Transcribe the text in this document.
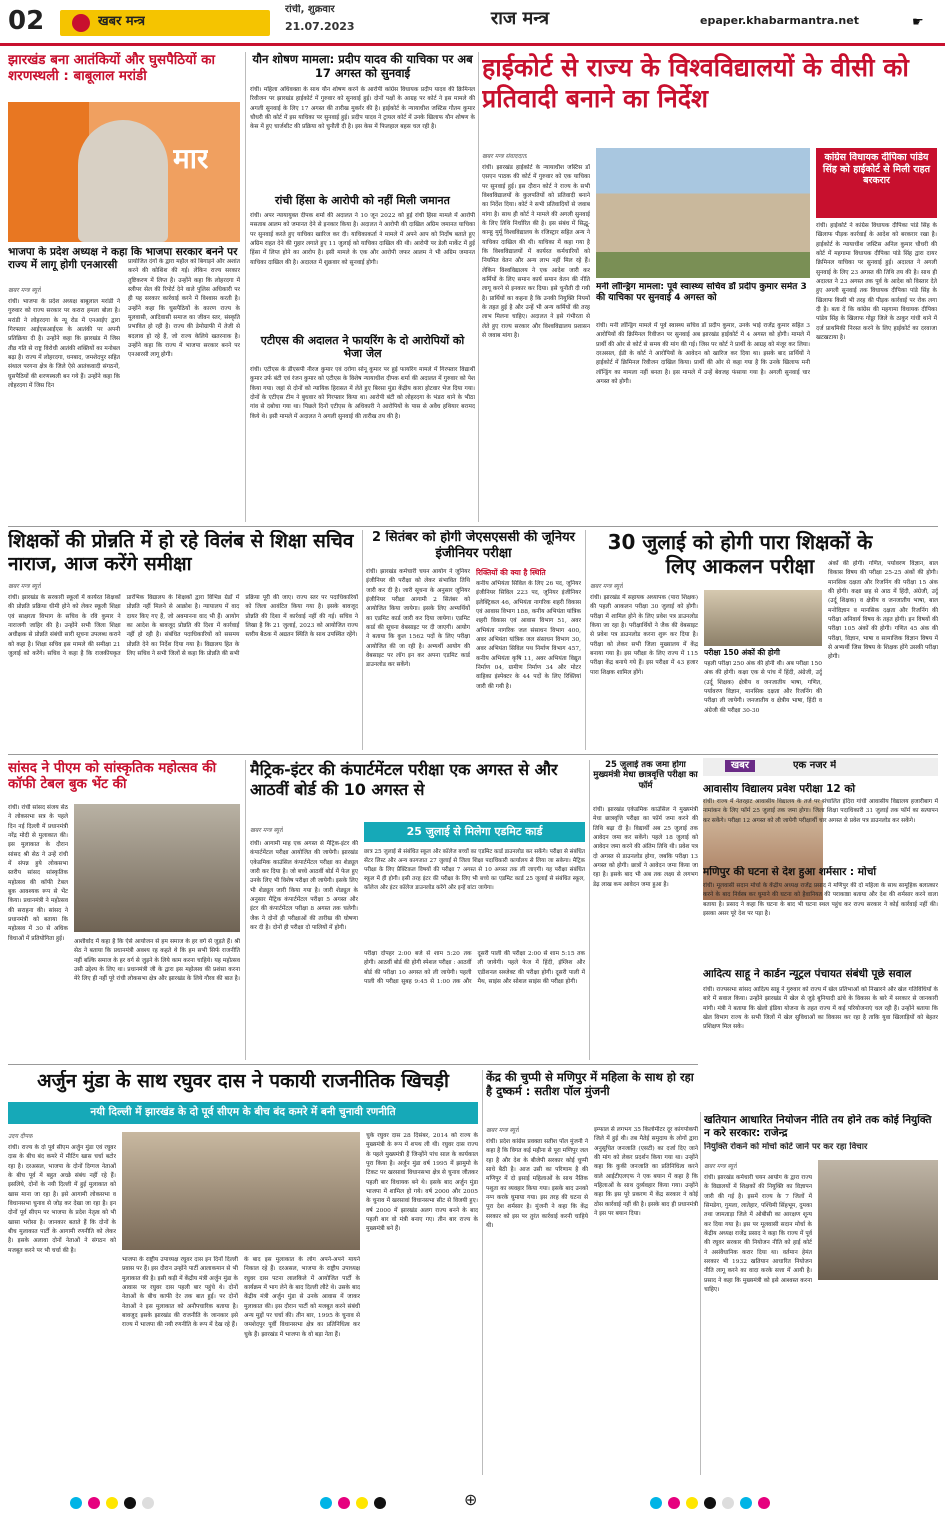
02	खबर मन्त्र
रांची, शुक्रवार
21.07.2023	राज मन्त्र	epaper.khabarmantra.net	☛
झारखंड बना आतंकियों और घुसपैठियों का शरणस्थली : बाबूलाल मरांडी
मार
भाजपा के प्रदेश अध्यक्ष ने कहा कि भाजपा सरकार बनने पर राज्य में लागू होगी एनआरसी
खबर मन्त्र ब्यूरो
रांची। भाजपा के प्रदेश अध्यक्ष बाबूलाल मरांडी ने गुरुवार को राज्य सरकार पर करारा हमला बोला है। मरांडी ने लोहरदगा के न्यू रोड में एनआईए द्वारा गिरफ्तार आईएसआईएस के आतंकी पर अपनी प्रतिक्रिया दी है। उन्होंने कहा कि झारखंड में जिस तीव्र गति से राष्ट्र विरोधी आतंकी शक्तियों का मनोबल बढ़ा है। राज्य में लोहरदगा, धनबाद, जमशेदपुर सहित संथाल परगना क्षेत्र के जिले ऐसे आतंकवादी संगठनों, घुसपैठियों की शरणस्थली बन गये हैं। उन्होंने कहा कि लोहरदगा में जिस दिन
प्रायोजित दंगों के द्वारा महौल को बिगाड़ने और अशांत करने की कोशिश की गई। लेकिन राज्य सरकार तुष्टिकरण में लिप्त है। उन्होंने कहा कि लोहरदगा में स्लीपर सेल की रिपोर्ट देने वाले पुलिस अधिकारी पर ही यह सरकार कार्रवाई करने में विश्वास करती है। उन्होंने कहा कि घुसपैठियों के कारण राज्य के मूलवासी, आदिवासी समाज का जीवन स्तर, संस्कृति प्रभावित हो रही है। राज्य की डेमोग्राफी में तेजी से बदलाव हो रहे हैं, जो राज्य केलिये खतरनाक है। उन्होंने कहा कि राज्य में भाजपा सरकार बनने पर एनआरसी लागू होगी।
यौन शोषण मामला: प्रदीप यादव की याचिका पर अब 17 अगस्त को सुनवाई
रांची। महिला अधिवक्ता के साथ यौन शोषण करने के आरोपी कांग्रेस विधायक प्रदीप यादव की क्रिमिनल रिवीजन पर झारखंड हाईकोर्ट में गुरुवार को सुनवाई हुई। दोनों पक्षों के आग्रह पर कोर्ट ने इस मामले की अगली सुनवाई के लिए 17 अगस्त की तारीख मुकर्रर की है। हाईकोर्ट के न्यायाधीश जस्टिस गौतम कुमार चौधरी की कोर्ट में इस याचिका पर सुनवाई हुई। प्रदीप यादव ने ट्रायल कोर्ट में उनके खिलाफ यौन शोषण के केस में हुए चार्जशीट की प्रक्रिया को चुनौती दी है। इस केस में फिलहाल बहस चल रही है।
रांची हिंसा के आरोपी को नहीं मिली जमानत
रांची। अपर न्यायायुक्त दीपक शर्मा की अदालत ने 10 जून 2022 को हुई रांची हिंसा मामले में आरोपी मसताब आलम को जमानत देने से इनकार किया है। अदालत ने आरोपी की दाखिल अग्रिम जमानत याचिका पर सुनवाई करते हुए याचिका खारिज कर दी। याचिकाकर्ता ने मामले में अपने आप को निर्दोष बताते हुए अग्रिम राहत देने की गुहार लगाते हुए 11 जुलाई को याचिका दाखिल की थी। आरोपी पर डेली मार्केट में हुई हिंसा में लिप्त होने का आरोप है। इसी मामले के एक और आरोपी जफर आलम ने भी अग्रिम जमानत याचिका दाखिल की है। अदालत में शुक्रवार को सुनवाई होगी।
एटीएस की अदालत ने फायरिंग के दो आरोपियों को भेजा जेल
रांची। एटीएस के डीएसपी नीरज कुमार एवं दरोगा सोनू कुमार पर हुई फायरिंग मामले में गिरफ्तार विद्यार्थी कुमार उर्फ बंटी एवं रंजन कुमार को एटीएस के विशेष न्यायाधीश दीपक शर्मा की अदालत में गुरुवार को पेश किया गया। जहां से दोनों को न्यायिक हिरासत में लेते हुए बिरसा मुंडा केंद्रीय कारा होटवार भेज दिया गया। दोनों के एटीएस टीम ने बुधवार को गिरफ्तार किया था। आरोपी बंटी को लोहरदगा के भंडरा थाने के भीठा गांव से दबोचा गया था। पिछले दिनों एटीएस के अधिकारी ने आरोपियों के पास से अवैध हथियार बरामद किये थे। इसी मामले में अदालत ने अगली सुनवाई की तारीख तय की है।
हाईकोर्ट से राज्य के विश्वविद्यालयों के वीसी को प्रतिवादी बनाने का निर्देश
खबर मन्त्र संवाददाता
रांची। झारखंड हाईकोर्ट के न्यायाधीश जस्टिस डॉ एसएन पाठक की कोर्ट में गुरुवार को एक याचिका पर सुनवाई हुई। इस दौरान कोर्ट ने राज्य के सभी विश्वविद्यालयों के कुलपतियों को प्रतिवादी बनाने का निर्देश दिया। कोर्ट ने सभी प्रतिवादियों से जवाब मांगा है। साथ ही कोर्ट ने मामले की अगली सुनवाई के लिए तिथि निर्धारित की है। इस संबंध में सिद्धू-कान्हू मुर्मू विश्वविद्यालय के रजिस्ट्रार सहित अन्य ने याचिका दाखिल की थी। याचिका में कहा गया है कि विश्वविद्यालयों में कार्यरत कर्मचारियों को नियमित वेतन और अन्य लाभ नहीं मिल रहे हैं। लेकिन विश्वविद्यालय ने एक आदेश जारी कर कर्मियों के लिए समान कार्य समान वेतन की नीति लागू करने से इनकार कर दिया। इसे चुनौती दी गयी है। प्रार्थियों का कहना है कि उनकी नियुक्ति नियमों के तहत हुई है और उन्हें भी अन्य कर्मियों की तरह लाभ मिलना चाहिए। अदालत ने इसे गंभीरता से लेते हुए राज्य सरकार और विश्वविद्यालय प्रशासन से जवाब मांगा है।
मनी लॉन्ड्रिंग मामला: पूर्व स्वास्थ्य सचिव डॉ प्रदीप कुमार समेत 3 की याचिका पर सुनवाई 4 अगस्त को
रांची। मनी लॉन्ड्रिंग मामले में पूर्व स्वास्थ्य सचिव डॉ प्रदीप कुमार, उनके भाई राजेंद्र कुमार सहित 3 आरोपियों की क्रिमिनल रिवीजन पर सुनवाई अब झारखंड हाईकोर्ट में 4 अगस्त को होगी। मामले में प्रार्थी की ओर से कोर्ट से समय की मांग की गई। जिस पर कोर्ट ने प्रार्थी के आग्रह को मंजूर कर लिया। दरअसल, ईडी के कोर्ट ने आरोपियों के आवेदन को खारिज कर दिया था। इसके बाद प्रार्थियों ने हाईकोर्ट में क्रिमिनल रिवीजन दाखिल किया। प्रार्थी की ओर से कहा गया है कि उनके खिलाफ मनी लॉन्ड्रिंग का मामला नहीं बनता है। इस मामले में उन्हें बेवजह फंसाया गया है। अगली सुनवाई चार अगस्त को होगी।
कांग्रेस विधायक दीपिका पांडेय सिंह को हाईकोर्ट से मिली राहत बरकरार
रांची। हाईकोर्ट ने कांग्रेस विधायक दीपिका पांडे सिंह के खिलाफ पीड़क कार्रवाई के आदेश को बरकरार रखा है। हाईकोर्ट के न्यायाधीश जस्टिस अनिल कुमार चौधरी की कोर्ट में महगामा विधायक दीपिका पांडे सिंह द्वारा दायर क्रिमिनल याचिका पर सुनवाई हुई। अदालत ने अगली सुनवाई के लिए 23 अगस्त की तिथि तय की है। साथ ही अदालत ने 23 अगस्त तक पूर्व के आदेश को विस्तार देते हुए अगली सुनवाई तक विधायक दीपिका पांडे सिंह के खिलाफ किसी भी तरह की पीड़क कार्रवाई पर रोक लगा दी है। बता दें कि कांग्रेस की महगामा विधायक दीपिका पांडेय सिंह के खिलाफ गोड्डा जिले के ठाकुर गांधी थाने में दर्ज प्राथमिकी निरस्त करने के लिए हाईकोर्ट का दरवाजा खटखटाया है।
शिक्षकों की प्रोन्नति में हो रहे विलंब से शिक्षा सचिव नाराज, आज करेंगे समीक्षा
खबर मन्त्र ब्यूरो
रांची। झारखंड के सरकारी स्कूलों में कार्यरत शिक्षकों की प्रोन्नति प्रक्रिया धीमी होने को लेकर स्कूली शिक्षा एवं साक्षरता विभाग के सचिव के रवि कुमार ने नाराजगी जाहिर की है। उन्होंने सभी जिला शिक्षा अधीक्षक से प्रोन्नति संबंधी सारी सूचना उपलब्ध कराने को कहा है। शिक्षा सचिव इस मामले की समीक्षा 21 जुलाई को करेंगे। सचिव ने कहा है कि राजकीयकृत प्रारंभिक विद्यालय के शिक्षकों द्वारा विभिन्न ग्रेडों में प्रोन्नति नहीं मिलने से आक्रोश है। न्यायालय में वाद दायर किए गए हैं, जो अवमानना वाद भी हैं। आयोग का आदेश के बावजूद प्रोन्नति की दिशा में कार्रवाई नहीं हो रही है। संबंधित पदाधिकारियों को ससमय प्रोन्नति देने का निर्देश दिया गया है। विद्यालय हित के लिए सचिव ने सभी जिलों से कहा कि प्रोन्नति की सभी प्रक्रिया पूरी की जाए। राज्य स्तर पर पदाधिकारियों को जिला आवंटित किया गया है। इसके बावजूद प्रोन्नति की दिशा में कार्रवाई नहीं की गई। सचिव ने लिखा है कि 21 जुलाई, 2023 को आयोजित राज्य स्तरीय बैठक में अद्यतन स्थिति के साथ उपस्थित रहेंगे।
2 सितंबर को होगी जेएसएससी की जूनियर इंजीनियर परीक्षा
रांची। झारखंड कर्मचारी चयन आयोग ने जूनियर इंजीनियर की परीक्षा को लेकर संभावित तिथि जारी कर दी है। जारी सूचना के अनुसार जूनियर इंजीनियर परीक्षा आगामी 2 सितंबर को आयोजित किया जायेगा। इसके लिए अभ्यर्थियों का एडमिट कार्ड जारी कर दिया जायेगा। एडमिट कार्ड की सूचना वेबसाइट पर दी जाएगी। आयोग ने बताया कि कुल 1562 पदों के लिए परीक्षा आयोजित की जा रही है। अभ्यर्थी आयोग की वेबसाइट पर लॉग इन कर अपना एडमिट कार्ड डाउनलोड कर सकेंगे।
रिक्तियों की क्या है स्थिति
कनीय अभियंता सिविल के लिए 26 पद, जूनियर इंजीनियर सिविल 223 पद, जूनियर इंजीनियर इलेक्ट्रिकल 46, अभियंता नागरिक शहरी विकास एवं आवास विभाग 188, कनीय अभियंता यांत्रिक शहरी विकास एवं आवास विभाग 51, अवर अभियंता नागरिक जल संसाधन विभाग 400, अवर अभियंता यांत्रिक जल संसाधन विभाग 30, अवर अभियंता सिविल पथ निर्माण विभाग 457, कनीय अभियंता कृषि 11, अवर अभियंता विद्युत निर्माण 04, ग्रामीण निर्माण 34 और मोटर वाहिका इंस्पेक्टर के 44 पदों के लिए रिक्तियां जारी की गयी है।
30 जुलाई को होगी पारा शिक्षकों के लिए आकलन परीक्षा
खबर मन्त्र ब्यूरो
रांची। झारखंड में सहायक अध्यापक (पारा शिक्षक) की पहली आकलन परीक्षा 30 जुलाई को होगी। परीक्षा में शामिल होने के लिए प्रवेश पत्र डाउनलोड किया जा रहा है। परीक्षार्थियों ने जैक की वेबसाइट से प्रवेश पत्र डाउनलोड करना शुरू कर दिया है। परीक्षा को लेकर सभी जिला मुख्यालय में केंद्र बनाया गया है। इस परीक्षा के लिए राज्य में 115 परीक्षा केंद्र बनाये गये हैं। इस परीक्षा में 43 हजार पारा शिक्षक शामिल होंगे।
परीक्षा 150 अंकों की होगी
पहली परीक्षा 250 अंक की होनी थी। अब परीक्षा 150 अंक की होगी। कक्षा एक से पांच में हिंदी, अंग्रेजी, उर्दू (उर्दू शिक्षक) क्षेत्रीय व जनजातीय भाषा, गणित, पर्यावरण विज्ञान, मानसिक दक्षता और रिजनिंग की परीक्षा ली जायेगी। जनजातीय व क्षेत्रीय भाषा, हिंदी व अंग्रेजी की परीक्षा 30-30
अंकों की होगी। गणित, पर्यावरण विज्ञान, बाल विकास विषय की परीक्षा 25-25 अंकों की होगी। मानसिक दक्षता और रिजनिंग की परीक्षा 15 अंक की होगी। कक्षा छह से आठ में हिंदी, अंग्रेजी, उर्दू (उर्दू शिक्षक) व क्षेत्रीय व जनजातीय भाषा, बाल मनोविज्ञान व मानसिक दक्षता और रिजनिंग की परीक्षा अनिवार्य विषय के तहत होगी। इन विषयों की परीक्षा 105 अंकों की होगी। गणित 45 अंक की परीक्षा, विज्ञान, भाषा व सामाजिक विज्ञान विषय में से अभ्यर्थी जिस विषय के शिक्षक होंगे उसकी परीक्षा होगी।
सांसद ने पीएम को सांस्कृतिक महोत्सव की कॉफी टेबल बुक भेंट की
रांची। रांची सांसद संजय सेठ ने लोकसभा सत्र के पहले दिन नई दिल्ली में प्रधानमंत्री नरेंद्र मोदी से मुलाकात की। इस मुलाकात के दौरान सांसद श्री सेठ ने उन्हें रांची में संपन्न हुये लोकसभा स्तरीय सांसद सांस्कृतिक महोत्सव की कॉफी टेबल बुक आवश्यक रूप से भेंट किया। प्रधानमंत्री ने महोत्सव की सराहना की। सांसद ने प्रधानमंत्री को बताया कि महोत्सव में 30 से अधिक विधाओं में प्रतियोगिता हुई।
आशीर्वाद में कहा है कि ऐसे आयोजन से हम समाज के हर वर्ग से जुड़ते हैं। श्री सेठ ने बताया कि प्रधानमंत्री अवश्य रह कहते थे कि हम सभी सिर्फ राजनीति नहीं बल्कि समाज के हर वर्ग से जुड़ने के लिये काम करना चाहिये। यह महोत्सव उसी उद्देश्य के लिए था। प्रधानमंत्री जी के द्वारा इस महोत्सव की प्रशंसा करना मेरे लिए ही नहीं पूरे रांची लोकसभा क्षेत्र और झारखंड के लिये गौरव की बात है।
मैट्रिक-इंटर की कंपार्टमेंटल परीक्षा एक अगस्त से और आठवीं बोर्ड की 10 अगस्त से
खबर मन्त्र ब्यूरो
रांची। आगामी माह एक अगस्त से मैट्रिक-इंटर की कंपार्टमेंटल परीक्षा आयोजित की जायेगी। झारखंड एकेडमिक काउंसिल कंपार्टमेंटल परीक्षा का शेड्यूल जारी कर दिया है। जो बच्चे आठवीं बोर्ड में फेल हुए उनके लिए भी विशेष परीक्षा ली जायेगी। इसके लिए भी शेड्यूल जारी किया गया है। जारी शेड्यूल के अनुसार मैट्रिक कंपार्टमेंटल परीक्षा 5 अगस्त और इंटर की कंपार्टमेंटल परीक्षा 8 अगस्त तक चलेगी। जैक ने दोनों ही परीक्षाओं की तारीख की घोषणा कर दी है। दोनों ही परीक्षा दो पालियों में होगी।
25 जुलाई से मिलेगा एडमिट कार्ड
छात्र 25 जुलाई से संबंधित स्कूल और कॉलेज बच्चों का एडमिट कार्ड डाउनलोड कर सकेंगे। परीक्षा से संबंधित सेंटर लिस्ट और अन्य कागजात 27 जुलाई से जिला शिक्षा पदाधिकारी कार्यालय से लिया जा सकेगा। मैट्रिक परीक्षा के लिए प्रैक्टिकल विषयों की परीक्षा 7 अगस्त से 10 अगस्त तक ली जाएगी। यह परीक्षा संबंधित स्कूल में ही होगी। इसी तरह इंटर की परीक्षा के लिए भी बच्चे का एडमिट कार्ड 25 जुलाई से संबंधित स्कूल, कॉलेज और इंटर कॉलेज डाउनलोड करेंगे और इन्हें बांटा जायेगा।
परीक्षा दोपहर 2:00 बजे से शाम 5:20 तक होगी। आठवीं बोर्ड की होगी स्पेशल परीक्षा : आठवीं बोर्ड की परीक्षा 10 अगस्त को ली जायेगी। पहली पाली की परीक्षा सुबह 9:45 से 1:00 तक और दूसरी पाली की परीक्षा 2:00 से शाम 5:15 तक ली जायेगी। पहले फेज में हिंदी, इंग्लिश और एडीशनल सब्जेक्ट की परीक्षा होगी। दूसरी पाली में मैथ, साइंस और सोशल साइंस की परीक्षा होगी।
25 जुलाई तक जमा होगा मुख्यमंत्री मेधा छात्रवृत्ति परीक्षा का फॉर्म
रांची। झारखंड एकेडमिक काउंसिल ने मुख्यमंत्री मेधा छात्रवृत्ति परीक्षा का फॉर्म जमा करने की तिथि बढ़ा दी है। विद्यार्थी अब 25 जुलाई तक आवेदन जमा कर सकेंगे। पहले 18 जुलाई को आवेदन जमा करने की अंतिम तिथि थी। प्रवेश पत्र दो अगस्त से डाउनलोड होगा, जबकि परीक्षा 13 अगस्त को होगी। छात्रों ने आवेदन जमा किया जा रहा है। इसके बाद भी अब तक लक्ष्य से लगभग डेढ़ लाख कम आवेदन जमा हुआ है।
खबर	एक नजर में
आवासीय विद्यालय प्रवेश परीक्षा 12 को
रांची। राज्य में नेतरहाट आवासीय विद्यालय के तर्ज पर संचालित इंदिरा गांधी आवासीय विद्यालय हजारीबाग में नामांकन के लिए फॉर्म 25 जुलाई तक जमा होगा। जिला शिक्षा पदाधिकारी 31 जुलाई तक फॉर्म का सत्यापन कर सकेंगे। परीक्षा 12 अगस्त को ली जायेगी परीक्षार्थी चार अगस्त से प्रवेश पत्र डाउनलोड कर सकेंगे।
मणिपुर की घटना से देश हुआ शर्मसार : मोर्चा
रांची। मूलवासी सदान मोर्चा के केंद्रीय अध्यक्ष राजेंद्र प्रसाद ने मणिपुर की दो महिला के साथ सामूहिक बलात्कार करने के बाद निर्वस्त्र कर घुमाने की घटना को हैवानियत की पराकाष्ठा बताया और देश की शर्मसार करने वाला बताया है। प्रसाद ने कहा कि घटना के बाद भी घटना स्थल पहुंच कर राज्य सरकार ने कोई कार्रवाई नहीं की। इसका असर पूरे देश पर पड़ा है।
आदित्य साहू ने कार्डन न्यूट्रल पंचायत संबंधी पूछे सवाल
रांची। राज्यसभा सांसद आदित्य साहू ने गुरुवार को राज्य में खेल प्रतिभाओं को निखारने और खेल गतिविधियों के बारे में सवाल किया। उन्होंने झारखंड में खेल से जुड़े बुनियादी ढांचे के विकास के बारे में सरकार से जानकारी मांगी। मंत्री ने बताया कि खेलो इंडिया योजना के तहत राज्य में कई परियोजनाएं चल रही हैं। उन्होंने बताया कि खेल विभाग राज्य के सभी जिलों में खेल सुविधाओं का विकास कर रहा है ताकि युवा खिलाड़ियों को बेहतर प्रशिक्षण मिल सके।
अर्जुन मुंडा के साथ रघुवर दास ने पकायी राजनीतिक खिचड़ी
नयी दिल्ली में झारखंड के दो पूर्व सीएम के बीच बंद कमरे में बनी चुनावी रणनीति
उदय दीपक
रांची। राज्य के दो पूर्व सीएम अर्जुन मुंडा एवं रघुवर दास के बीच बंद कमरे में मीटिंग खास चर्चा बटोर रहा है। दरअसल, भाजपा के दोनों दिग्गज नेताओं के बीच पूर्व में बहुत अच्छे संबंध नहीं रहे हैं। इसलिये, दोनों के नयी दिल्ली में हुई मुलाकात को खास माना जा रहा है। इसे आगामी लोकसभा व विधानसभा चुनाव से जोड़ कर देखा जा रहा है। इन दोनों पूर्व सीएम पर भाजपा के प्रदेश नेतृत्व को भी खासा भरोसा है। जानकार बताते हैं कि दोनों के बीच मुलाकात पार्टी के आगामी रणनीति को लेकर है। इसके अलावा दोनों नेताओं ने संगठन को मजबूत करने पर भी चर्चा की है।
भाजपा के राष्ट्रीय उपाध्यक्ष रघुवर दास इन दिनों दिल्ली प्रवास पर हैं। इस दौरान उन्होंने पार्टी आलाकमान से भी मुलाकात की है। इसी कड़ी में केंद्रीय मंत्री अर्जुन मुंडा के आवास पर रघुवर दास पहली बार पहुंचे थे। दोनों नेताओं के बीच काफी देर तक बात हुई। पर दोनों नेताओं ने इस मुलाकात को अनौपचारिक बताया है। बावजूद इसके झारखंड की राजनीति के जानकार इसे राज्य में भाजपा की नयी रणनीति के रूप में देख रहे हैं।
के बाद इस मुलाकात के लोग अपने-अपने मायने निकाल रहे हैं। दरअसल, भाजपा के राष्ट्रीय उपाध्यक्ष रघुवर दास पटना लालकिले में आयोजित पार्टी के कार्यक्रम में भाग लेने के बाद दिल्ली लौटे थे। उसके बाद केंद्रीय मंत्री अर्जुन मुंडा से उनके आवास में जाकर मुलाकात की। इस दौरान पार्टी को मजबूत करने संबंधी अन्य मुद्दों पर चर्चा की। तीन बार, 1995 के चुनाव से जमशेदपुर पूर्वी विधानसभा क्षेत्र का प्रतिनिधित्व कर चुके हैं। झारखंड में भाजपा के वो बड़ा नेता हैं।
चुके रघुवर दास 28 दिसंबर, 2014 को राज्य के मुख्यमंत्री के रूप में शपथ ली थी। रघुवर दास राज्य के पहले मुख्यमंत्री हैं जिन्होंने पांच साल के कार्यकाल पूरा किया है। अर्जुन मुंडा वर्ष 1995 में झामुमो के टिकट पर खरसावां विधानसभा क्षेत्र से चुनाव जीतकर पहली बार विधायक बने थे। इसके बाद अर्जुन मुंडा भाजपा में शामिल हो गये। वर्ष 2000 और 2005 के चुनाव में खरसावां विधानसभा सीट से विजयी हुए। वर्ष 2000 में झारखंड अलग राज्य बनने के बाद पहली बार वो मंत्री बनाए गए। तीन बार राज्य के मुख्यमंत्री बने हैं।
केंद्र की चुप्पी से मणिपुर में महिला के साथ हो रहा है दुष्कर्म : सतीश पॉल मुंजनी
खबर मन्त्र ब्यूरो
रांची। प्रदेश कांग्रेस प्रवक्ता सतीश पॉल मुंजनी ने कहा है कि विगत कई महीना से पूरा मणिपुर जल रहा है और देश के बीजेपी सरकार कोई चुप्पी साधे बैठी है। आज उसी का परिणाम है की मणिपुर में दो इसाई महिलाओं के साथ नैतिक पशुता का व्यवहार किया गया। इसके बाद उनको नग्न करके घुमाया गया। इस तरह की घटना से पूरा देश शर्मसार है। मुंजनी ने कहा कि केंद्र सरकार को इस पर तुरंत कार्रवाई करनी चाहिये थी।
इम्फाल से लगभग 35 किलोमीटर दूर कांगपोकपी जिले में हुई थी। तब मैतेई समुदाय के लोगों द्वारा अनुसूचित जनजाति (एसटी) का दर्जा दिए जाने की मांग को लेकर प्रदर्शन किया गया था। उन्होंने कहा कि कुकी जनजाति का प्रतिनिधित्व करने वाले आईटीएलएफ ने एक बयान में कहा है कि महिलाओं के साथ दुर्व्यवहार किया गया। उन्होंने कहा कि इस पूरे प्रकरण में केंद्र सरकार ने कोई ठोस कार्रवाई नहीं की है। इसके बाद ही प्रधानमंत्री ने इस पर बयान दिया।
खतियान आधारित नियोजन नीति तय होने तक कोई नियुक्ति न करे सरकार: राजेन्द्र
नियुक्ति रोकने को मोर्चा कोर्ट जाने पर कर रहा विचार
खबर मन्त्र ब्यूरो
रांची। झारखंड कर्मचारी चयन आयोग के द्वारा राज्य के विद्यालयों में शिक्षकों की नियुक्ति का विज्ञापन जारी की गई है। इसमें राज्य के 7 जिलों में सिमडेगा, गुमला, लातेहार, पश्चिमी सिंहभूम, दुमका तथा जामताड़ा जिले में ओबीसी का आरक्षण शून्य कर दिया गया है। इस पर मूलवासी सदान मोर्चा के केंद्रीय अध्यक्ष राजेंद्र प्रसाद ने कहा कि राज्य में पूर्व की रघुवर सरकार की नियोजन नीति को हाई कोर्ट ने असंवैधानिक करार दिया था। वर्तमान हेमंत सरकार भी 1932 खतियान आधारित नियोजन नीति लागू करने का वादा करके सत्ता में आयी है। प्रसाद ने कहा कि मुख्यमंत्री को इसे आश्वस्त करना चाहिए।
⊕
